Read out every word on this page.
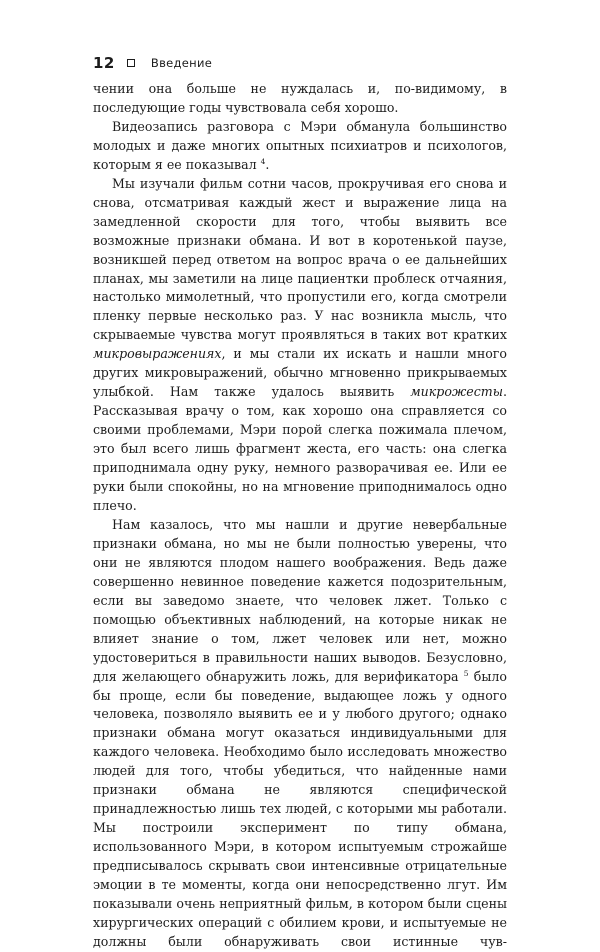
12	Введение

чении она больше не нуждалась и, по-видимому, в последующие годы чувствовала себя хорошо.

Видеозапись разговора с Мэри обманула большинство молодых и даже многих опытных психиатров и психологов, которым я ее показывал $^4$.

Мы изучали фильм сотни часов, прокручивая его снова и снова, отсматривая каждый жест и выражение лица на замедленной скорости для того, чтобы выявить все возможные признаки обмана. И вот в коротенькой паузе, возникшей перед ответом на вопрос врача о ее дальнейших планах, мы заметили на лице пациентки проблеск отчаяния, настолько мимолетный, что пропустили его, когда смотрели пленку первые несколько раз. У нас возникла мысль, что скрываемые чувства могут проявляться в таких вот кратких микровыражениях, и мы стали их искать и нашли много других микровыражений, обычно мгновенно прикрываемых улыбкой. Нам также удалось выявить микрожесты. Рассказывая врачу о том, как хорошо она справляется со своими проблемами, Мэри порой слегка пожимала плечом, это был всего лишь фрагмент жеста, его часть: она слегка приподнимала одну руку, немного разворачивая ее. Или ее руки были спокойны, но на мгновение приподнималось одно плечо.

Нам казалось, что мы нашли и другие невербальные признаки обмана, но мы не были полностью уверены, что они не являются плодом нашего воображения. Ведь даже совершенно невинное поведение кажется подозрительным, если вы заведомо знаете, что человек лжет. Только с помощью объективных наблюдений, на которые никак не влияет знание о том, лжет человек или нет, можно удостовериться в правильности наших выводов. Безусловно, для желающего обнаружить ложь, для верификатора $^5$ было бы проще, если бы поведение, выдающее ложь у одного человека, позволяло выявить ее и у любого другого; однако признаки обмана могут оказаться индивидуальными для каждого человека. Необходимо было исследовать множество людей для того, чтобы убедиться, что найденные нами признаки обмана не являются специфической принадлежностью лишь тех людей, с которыми мы работали. Мы построили эксперимент по типу обмана, использованного Мэри, в котором испытуемым строжайше предписывалось скрывать свои интенсивные отрицательные эмоции в те моменты, когда они непосредственно лгут. Им показывали очень неприятный фильм, в котором были сцены хирургических операций с обилием крови, и испытуемые не должны были обнаруживать свои истинные чув-
